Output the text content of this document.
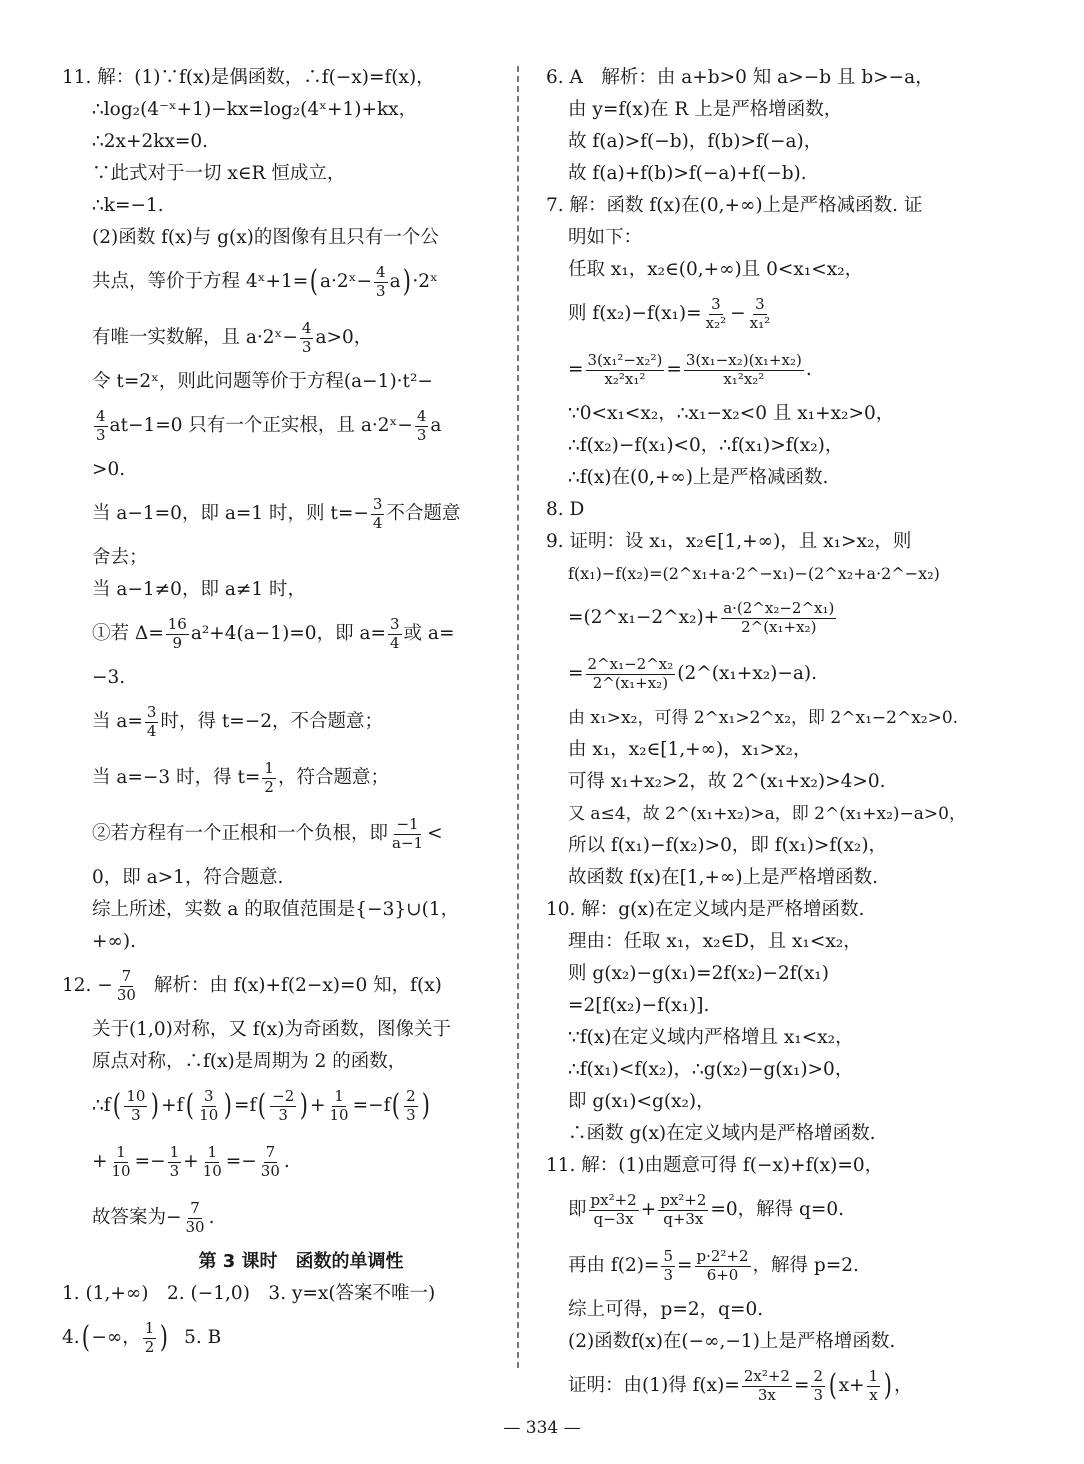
11. 解：(1)∵f(x)是偶函数，∴f(−x)=f(x)，
∴log₂(4⁻ˣ+1)−kx=log₂(4ˣ+1)+kx，
∴2x+2kx=0.
∵此式对于一切 x∈R 恒成立，
∴k=−1.
(2)函数 f(x)与 g(x)的图像有且只有一个公
共点，等价于方程 4ˣ+1= ( a·2ˣ− $\frac{4}{3}$ a ) ·2ˣ
有唯一实数解，且 a·2ˣ− $\frac{4}{3} a>0$，
令 t=2ˣ，则此问题等价于方程(a−1)·t²−
$\frac{4}{3} at-1=0$ 只有一个正实根，且 a·2ˣ− $\frac{4}{3}$ a
>0.
当 a−1=0，即 a=1 时，则 $t=- \frac{3}{4}$ 不合题意
舍去；
当 a−1≠0，即 a≠1 时，
①若 $\Delta= \frac{16}{9} a^2+4(a-1)=0$，即 $a= \frac{3}{4}$ 或 a=
−3.
当 $a= \frac{3}{4}$ 时，得 t=−2，不合题意；
当 a=−3 时，得 $t= \frac{1}{2}$ ，符合题意；
②若方程有一个正根和一个负根，即 $\frac{-1}{a-1}$ <
0，即 a>1，符合题意.
综上所述，实数 a 的取值范围是{−3}∪(1，
+∞).
12. − $\frac{7}{30}$ 解析：由 f(x)+f(2−x)=0 知，f(x)
关于(1,0)对称，又 f(x)为奇函数，图像关于
原点对称，∴f(x)是周期为 2 的函数，
∴f ( $\frac{10}{3}$ ) +f ( $\frac{3}{10}$ ) =f ( $\frac{-2}{3}$ ) + $\frac{1}{10} =-f$ ( $\frac{2}{3}$ )
+ $\frac{1}{10} =- \frac{1}{3} + \frac{1}{10} =- \frac{7}{30}$ .
故答案为− $\frac{7}{30}$ .
第 3 课时　函数的单调性
1. (1,+∞)　2. (−1,0)　3. y=x(答案不唯一)
4. ( −∞， $\frac{1}{2}$ ) 5. B
6. A　解析：由 a+b>0 知 a>−b 且 b>−a，
由 y=f(x)在 R 上是严格增函数，
故 f(a)>f(−b)，f(b)>f(−a)，
故 f(a)+f(b)>f(−a)+f(−b).
7. 解：函数 f(x)在(0,+∞)上是严格减函数. 证
明如下：
任取 x₁，x₂∈(0,+∞)且 0<x₁<x₂，
则 $f(x_2)-f(x_1)= \frac{3}{\text{x₂²}} - \frac{3}{\text{x₁²}}$
= $\frac{\text{3(x₁²−x₂²)}}{\text{x₂²x₁²}} = \frac{\text{3(x₁−x₂)(x₁+x₂)}}{\text{x₁²x₂²}}$ .
∵0<x₁<x₂，∴x₁−x₂<0 且 x₁+x₂>0，
∴f(x₂)−f(x₁)<0，∴f(x₁)>f(x₂)，
∴f(x)在(0,+∞)上是严格减函数.
8. D
9. 证明：设 x₁，x₂∈[1,+∞)，且 x₁>x₂，则
f(x₁)−f(x₂)=(2^x₁+a·2^−x₁)−(2^x₂+a·2^−x₂)
=(2^x₁−2^x₂)+ $\frac{\text{a·(2\textasciicircum{}x₂−2\textasciicircum{}x₁)}}{\text{2\textasciicircum{}(x₁+x₂)}}$
= $\frac{\text{2\textasciicircum{}x₁−2\textasciicircum{}x₂}}{\text{2\textasciicircum{}(x₁+x₂)}}$ (2^(x₁+x₂)−a).
由 x₁>x₂，可得 2^x₁>2^x₂，即 2^x₁−2^x₂>0.
由 x₁，x₂∈[1,+∞)，x₁>x₂，
可得 x₁+x₂>2，故 2^(x₁+x₂)>4>0.
又 a≤4，故 2^(x₁+x₂)>a，即 2^(x₁+x₂)−a>0，
所以 f(x₁)−f(x₂)>0，即 f(x₁)>f(x₂)，
故函数 f(x)在[1,+∞)上是严格增函数.
10. 解：g(x)在定义域内是严格增函数.
理由：任取 x₁，x₂∈D，且 x₁<x₂，
则 g(x₂)−g(x₁)=2f(x₂)−2f(x₁)
=2[f(x₂)−f(x₁)].
∵f(x)在定义域内严格增且 x₁<x₂，
∴f(x₁)<f(x₂)，∴g(x₂)−g(x₁)>0，
即 g(x₁)<g(x₂)，
∴函数 g(x)在定义域内是严格增函数.
11. 解：(1)由题意可得 f(−x)+f(x)=0，
即 $\frac{\text{px²+2}}{q-3x} + \frac{\text{px²+2}}{q+3x} =0$，解得 q=0.
再由 $f(2)= \frac{5}{3} = \frac{\text{p·2²+2}}{6+0}$ ，解得 p=2.
综上可得，p=2，q=0.
(2)函数f(x)在(−∞,−1)上是严格增函数.
证明：由(1)得 $f(x)= \frac{\text{2x²+2}}{3x} = \frac{2}{3}$ ( $x+ \frac{1}{x}$ ) ，
— 334 —
